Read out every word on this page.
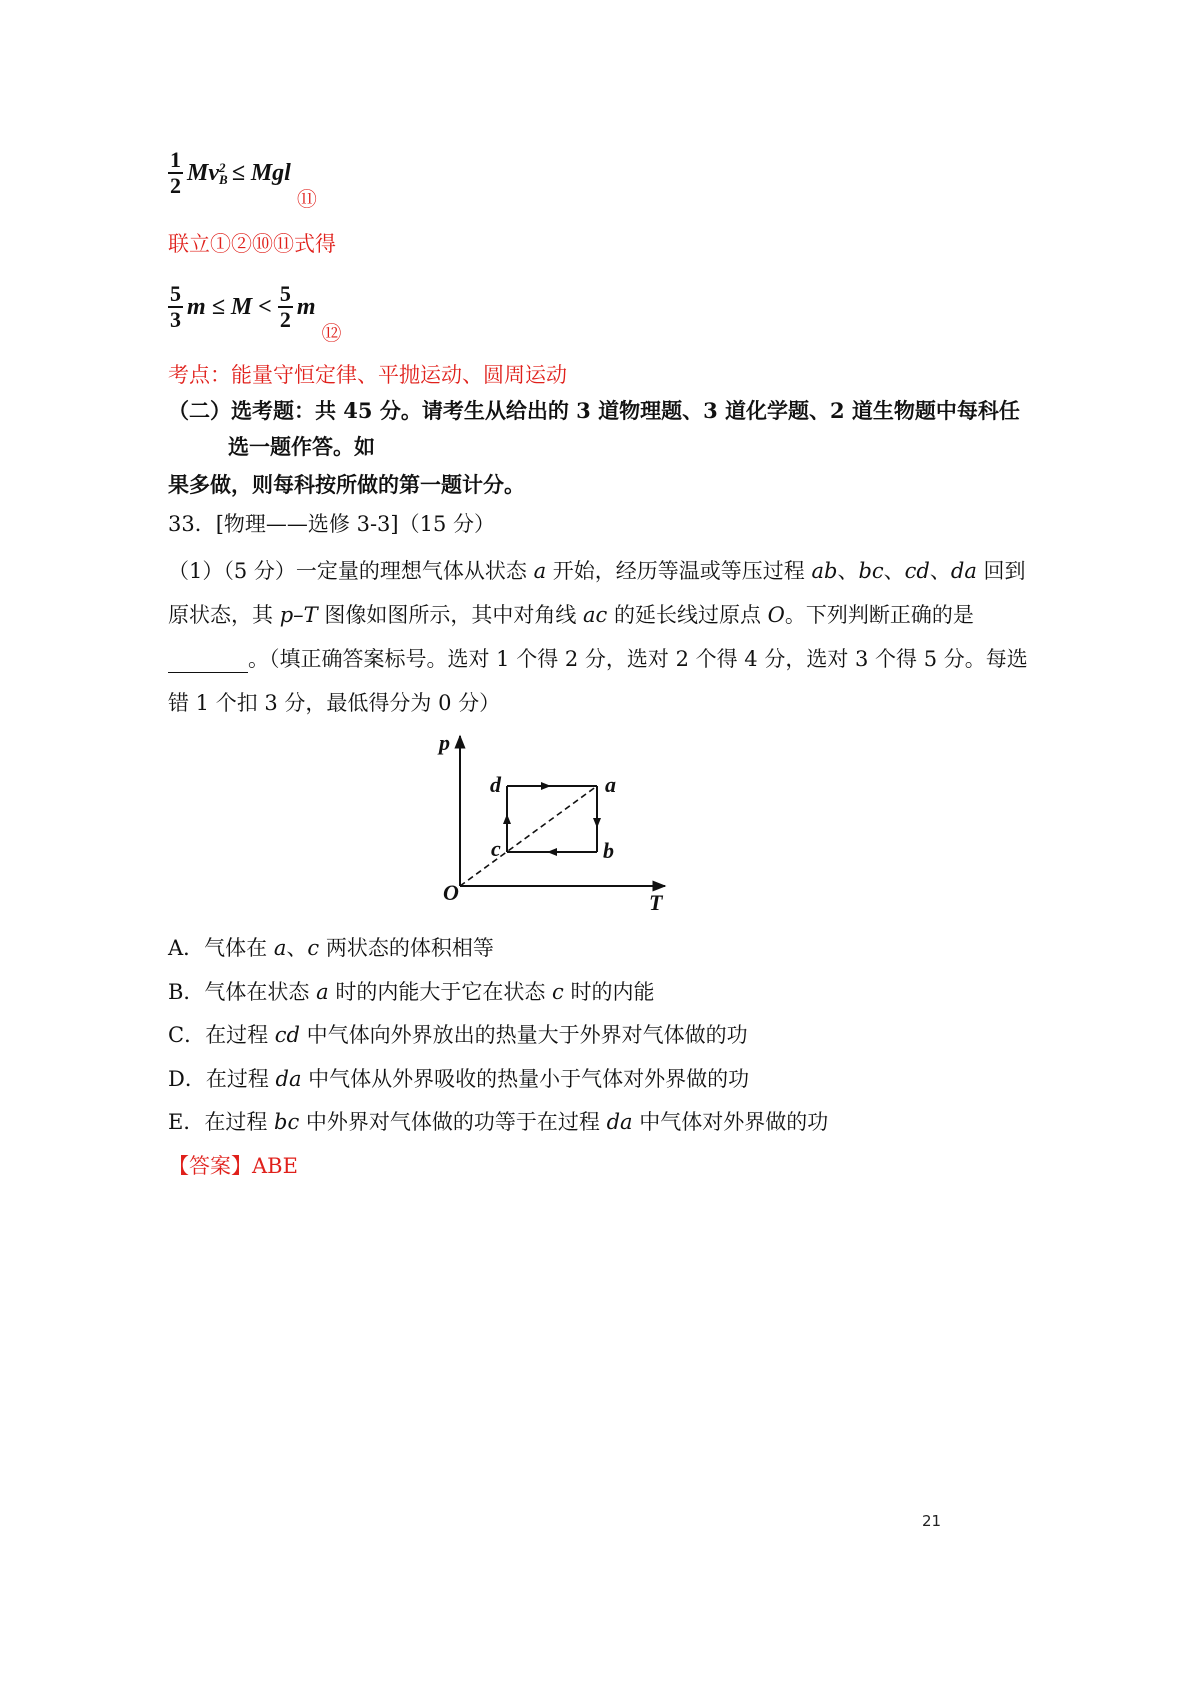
$\frac{1}{2}$ Mv 2
B ≤ Mgl
⑪
联立①②⑩⑪式得
$\frac{5}{3}$ $m \le M < \frac{5}{2}$ m
⑫
考点：能量守恒定律、平抛运动、圆周运动
（二）选考题：共 45 分。请考生从给出的 3 道物理题、3 道化学题、2 道生物题中每科任
选一题作答。如
果多做，则每科按所做的第一题计分。
33．[物理——选修 3-3]（15 分）
（1）（5 分）一定量的理想气体从状态 a 开始，经历等温或等压过程 ab、bc、cd、da 回到
原状态，其 p–T 图像如图所示，其中对角线 ac 的延长线过原点 O。下列判断正确的是
。（填正确答案标号。选对 1 个得 2 分，选对 2 个得 4 分，选对 3 个得 5 分。每选
错 1 个扣 3 分，最低得分为 0 分）
p
T
O
a
b
c
d
A．气体在 a、c 两状态的体积相等
B．气体在状态 a 时的内能大于它在状态 c 时的内能
C．在过程 cd 中气体向外界放出的热量大于外界对气体做的功
D．在过程 da 中气体从外界吸收的热量小于气体对外界做的功
E．在过程 bc 中外界对气体做的功等于在过程 da 中气体对外界做的功
【答案】ABE
21
